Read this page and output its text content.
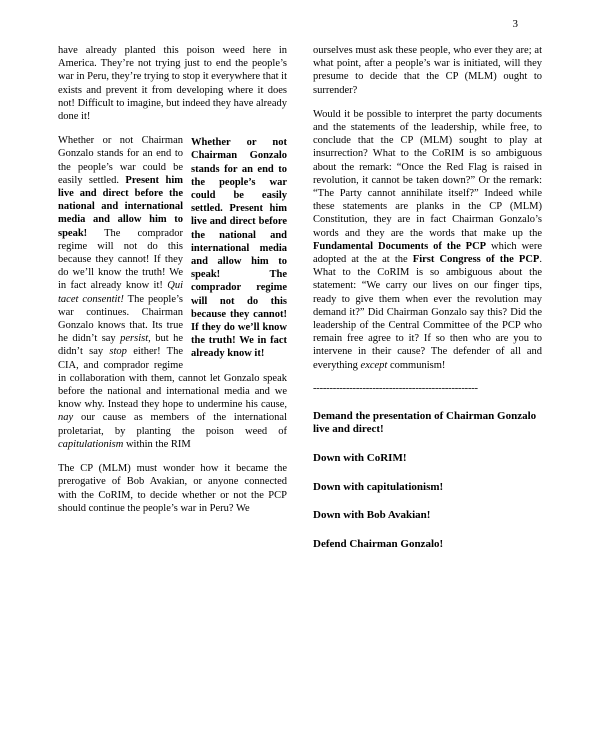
3

have already planted this poison weed here in America. They’re not trying just to end the people’s war in Peru, they’re trying to stop it everywhere that it exists and prevent it from developing where it does not! Difficult to imagine, but indeed they have already done it!

Whether or not Chairman Gonzalo stands for an end to the people’s war could be easily settled. Present him live and direct before the national and international media and allow him to speak! The comprador regime will not do this because they cannot! If they do we’ll know the truth! We in fact already know it!
Whether or not Chairman Gonzalo stands for an end to the people’s war could be easily settled. Present him live and direct before the national and international media and allow him to speak! The comprador regime will not do this because they cannot! If they do we’ll know the truth! We in fact already know it! Qui tacet consentit! The people’s war continues. Chairman Gonzalo knows that. Its true he didn’t say persist, but he didn’t say stop either! The CIA, and comprador regime in collaboration with them, cannot let Gonzalo speak before the national and international media and we know why. Instead they hope to undermine his cause, nay our cause as members of the international proletariat, by planting the poison weed of capitulationism within the RIM

The CP (MLM) must wonder how it became the prerogative of Bob Avakian, or anyone connected with the CoRIM, to decide whether or not the PCP should continue the people’s war in Peru? We

ourselves must ask these people, who ever they are; at what point, after a people’s war is initiated, will they presume to decide that the CP (MLM) ought to surrender?

Would it be possible to interpret the party documents and the statements of the leadership, while free, to conclude that the CP (MLM) sought to play at insurrection? What to the CoRIM is so ambiguous about the remark: “Once the Red Flag is raised in revolution, it cannot be taken down?” Or the remark: “The Party cannot annihilate itself?” Indeed while these statements are planks in the CP (MLM) Constitution, they are in fact Chairman Gonzalo’s words and they are the words that make up the Fundamental Documents of the PCP which were adopted at the at the First Congress of the PCP. What to the CoRIM is so ambiguous about the statement: “We carry our lives on our finger tips, ready to give them when ever the revolution may demand it?” Did Chairman Gonzalo say this? Did the leadership of the Central Committee of the PCP who remain free agree to it? If so then who are you to intervene in their cause? The defender of all and everything except communism!

--------------------------------------------------
Demand the presentation of Chairman Gonzalo live and direct!
Down with CoRIM!
Down with capitulationism!
Down with Bob Avakian!
Defend Chairman Gonzalo!
